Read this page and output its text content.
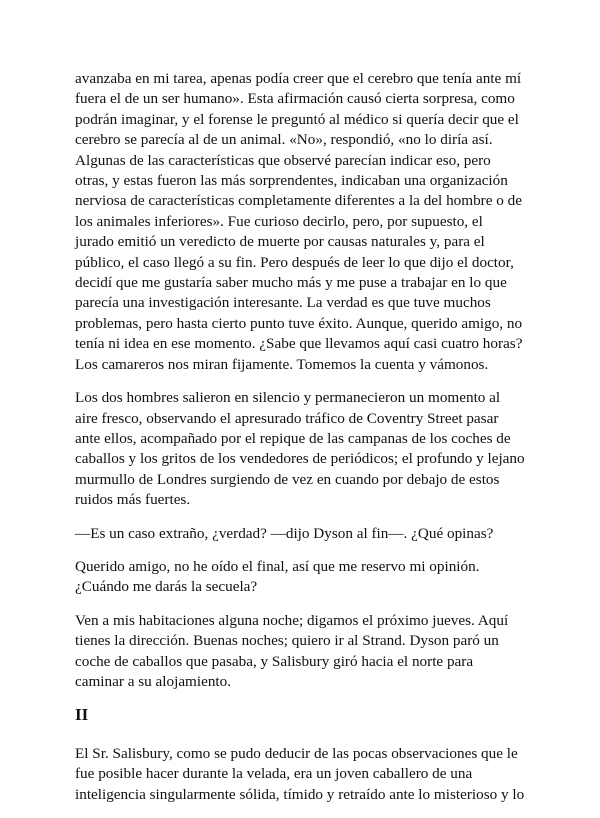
avanzaba en mi tarea, apenas podía creer que el cerebro que tenía ante mí fuera el de un ser humano». Esta afirmación causó cierta sorpresa, como podrán imaginar, y el forense le preguntó al médico si quería decir que el cerebro se parecía al de un animal. «No», respondió, «no lo diría así. Algunas de las características que observé parecían indicar eso, pero otras, y estas fueron las más sorprendentes, indicaban una organización nerviosa de características completamente diferentes a la del hombre o de los animales inferiores». Fue curioso decirlo, pero, por supuesto, el jurado emitió un veredicto de muerte por causas naturales y, para el público, el caso llegó a su fin. Pero después de leer lo que dijo el doctor, decidí que me gustaría saber mucho más y me puse a trabajar en lo que parecía una investigación interesante. La verdad es que tuve muchos problemas, pero hasta cierto punto tuve éxito. Aunque, querido amigo, no tenía ni idea en ese momento. ¿Sabe que llevamos aquí casi cuatro horas? Los camareros nos miran fijamente. Tomemos la cuenta y vámonos.

Los dos hombres salieron en silencio y permanecieron un momento al aire fresco, observando el apresurado tráfico de Coventry Street pasar ante ellos, acompañado por el repique de las campanas de los coches de caballos y los gritos de los vendedores de periódicos; el profundo y lejano murmullo de Londres surgiendo de vez en cuando por debajo de estos ruidos más fuertes.

—Es un caso extraño, ¿verdad? —dijo Dyson al fin—. ¿Qué opinas?

Querido amigo, no he oído el final, así que me reservo mi opinión. ¿Cuándo me darás la secuela?

Ven a mis habitaciones alguna noche; digamos el próximo jueves. Aquí tienes la dirección. Buenas noches; quiero ir al Strand. Dyson paró un coche de caballos que pasaba, y Salisbury giró hacia el norte para caminar a su alojamiento.

II

El Sr. Salisbury, como se pudo deducir de las pocas observaciones que le fue posible hacer durante la velada, era un joven caballero de una inteligencia singularmente sólida, tímido y retraído ante lo misterioso y lo
